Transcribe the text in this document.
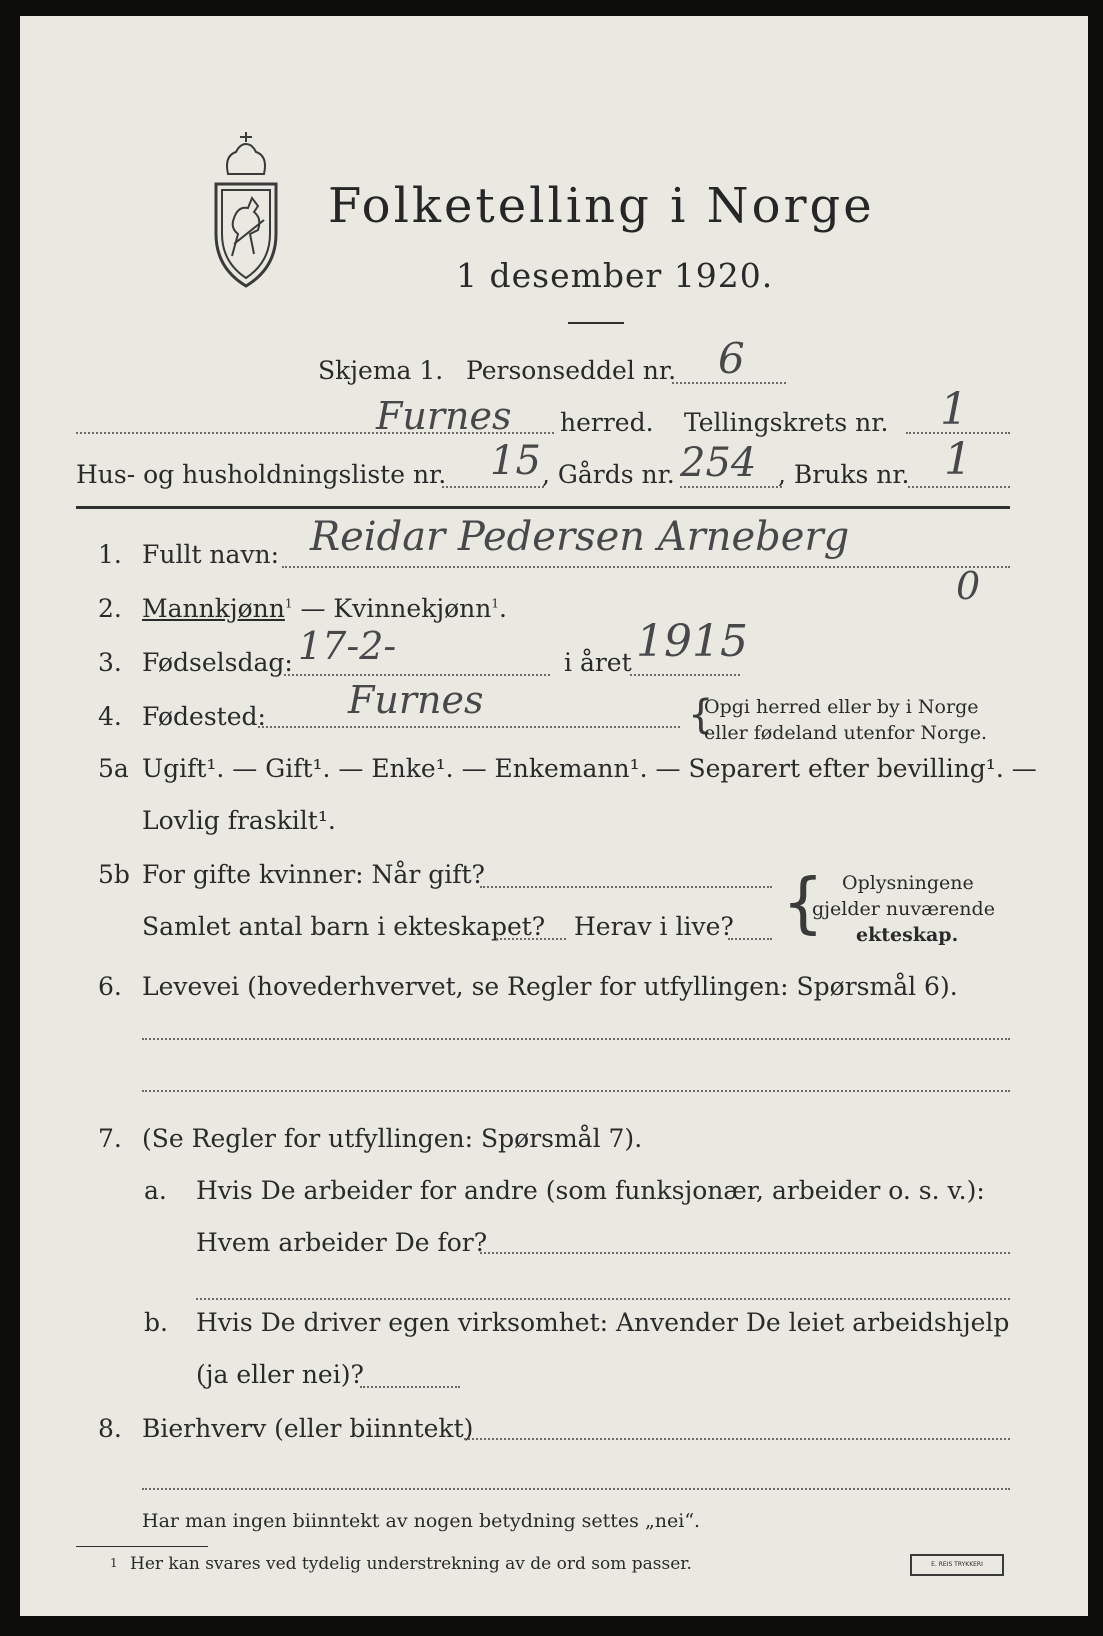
Folketelling i Norge
1 desember 1920.
Skjema 1. Personseddel nr. 6
Furnes herred. Tellingskrets nr. 1
Hus- og husholdningsliste nr. 15 , Gårds nr. 254 , Bruks nr. 1
1. Fullt navn: Reidar Pedersen Arneberg
2. Mannkjønn$^1$ — Kvinnekjønn$^1$.
0
3. Fødselsdag: 17-2-	i året 1915
4. Fødested: Furnes	{
Opgi herred eller by i Norge
eller fødeland utenfor Norge.
5a Ugift¹. — Gift¹. — Enke¹. — Enkemann¹. — Separert efter bevilling¹. —
Lovlig fraskilt¹.
5b For gifte kvinner: Når gift?
Samlet antal barn i ekteskapet? Herav i live? { Oplysningene
gjelder nuværende
ekteskap.
6. Levevei (hovederhvervet, se Regler for utfyllingen: Spørsmål 6).
7. (Se Regler for utfyllingen: Spørsmål 7).
a. Hvis De arbeider for andre (som funksjonær, arbeider o. s. v.):
Hvem arbeider De for?
b. Hvis De driver egen virksomhet: Anvender De leiet arbeidshjelp
(ja eller nei)?
8. Bierhverv (eller biinntekt)
Har man ingen biinntekt av nogen betydning settes „nei“.
1 Her kan svares ved tydelig understrekning av de ord som passer.	E. REIS TRYKKERI
